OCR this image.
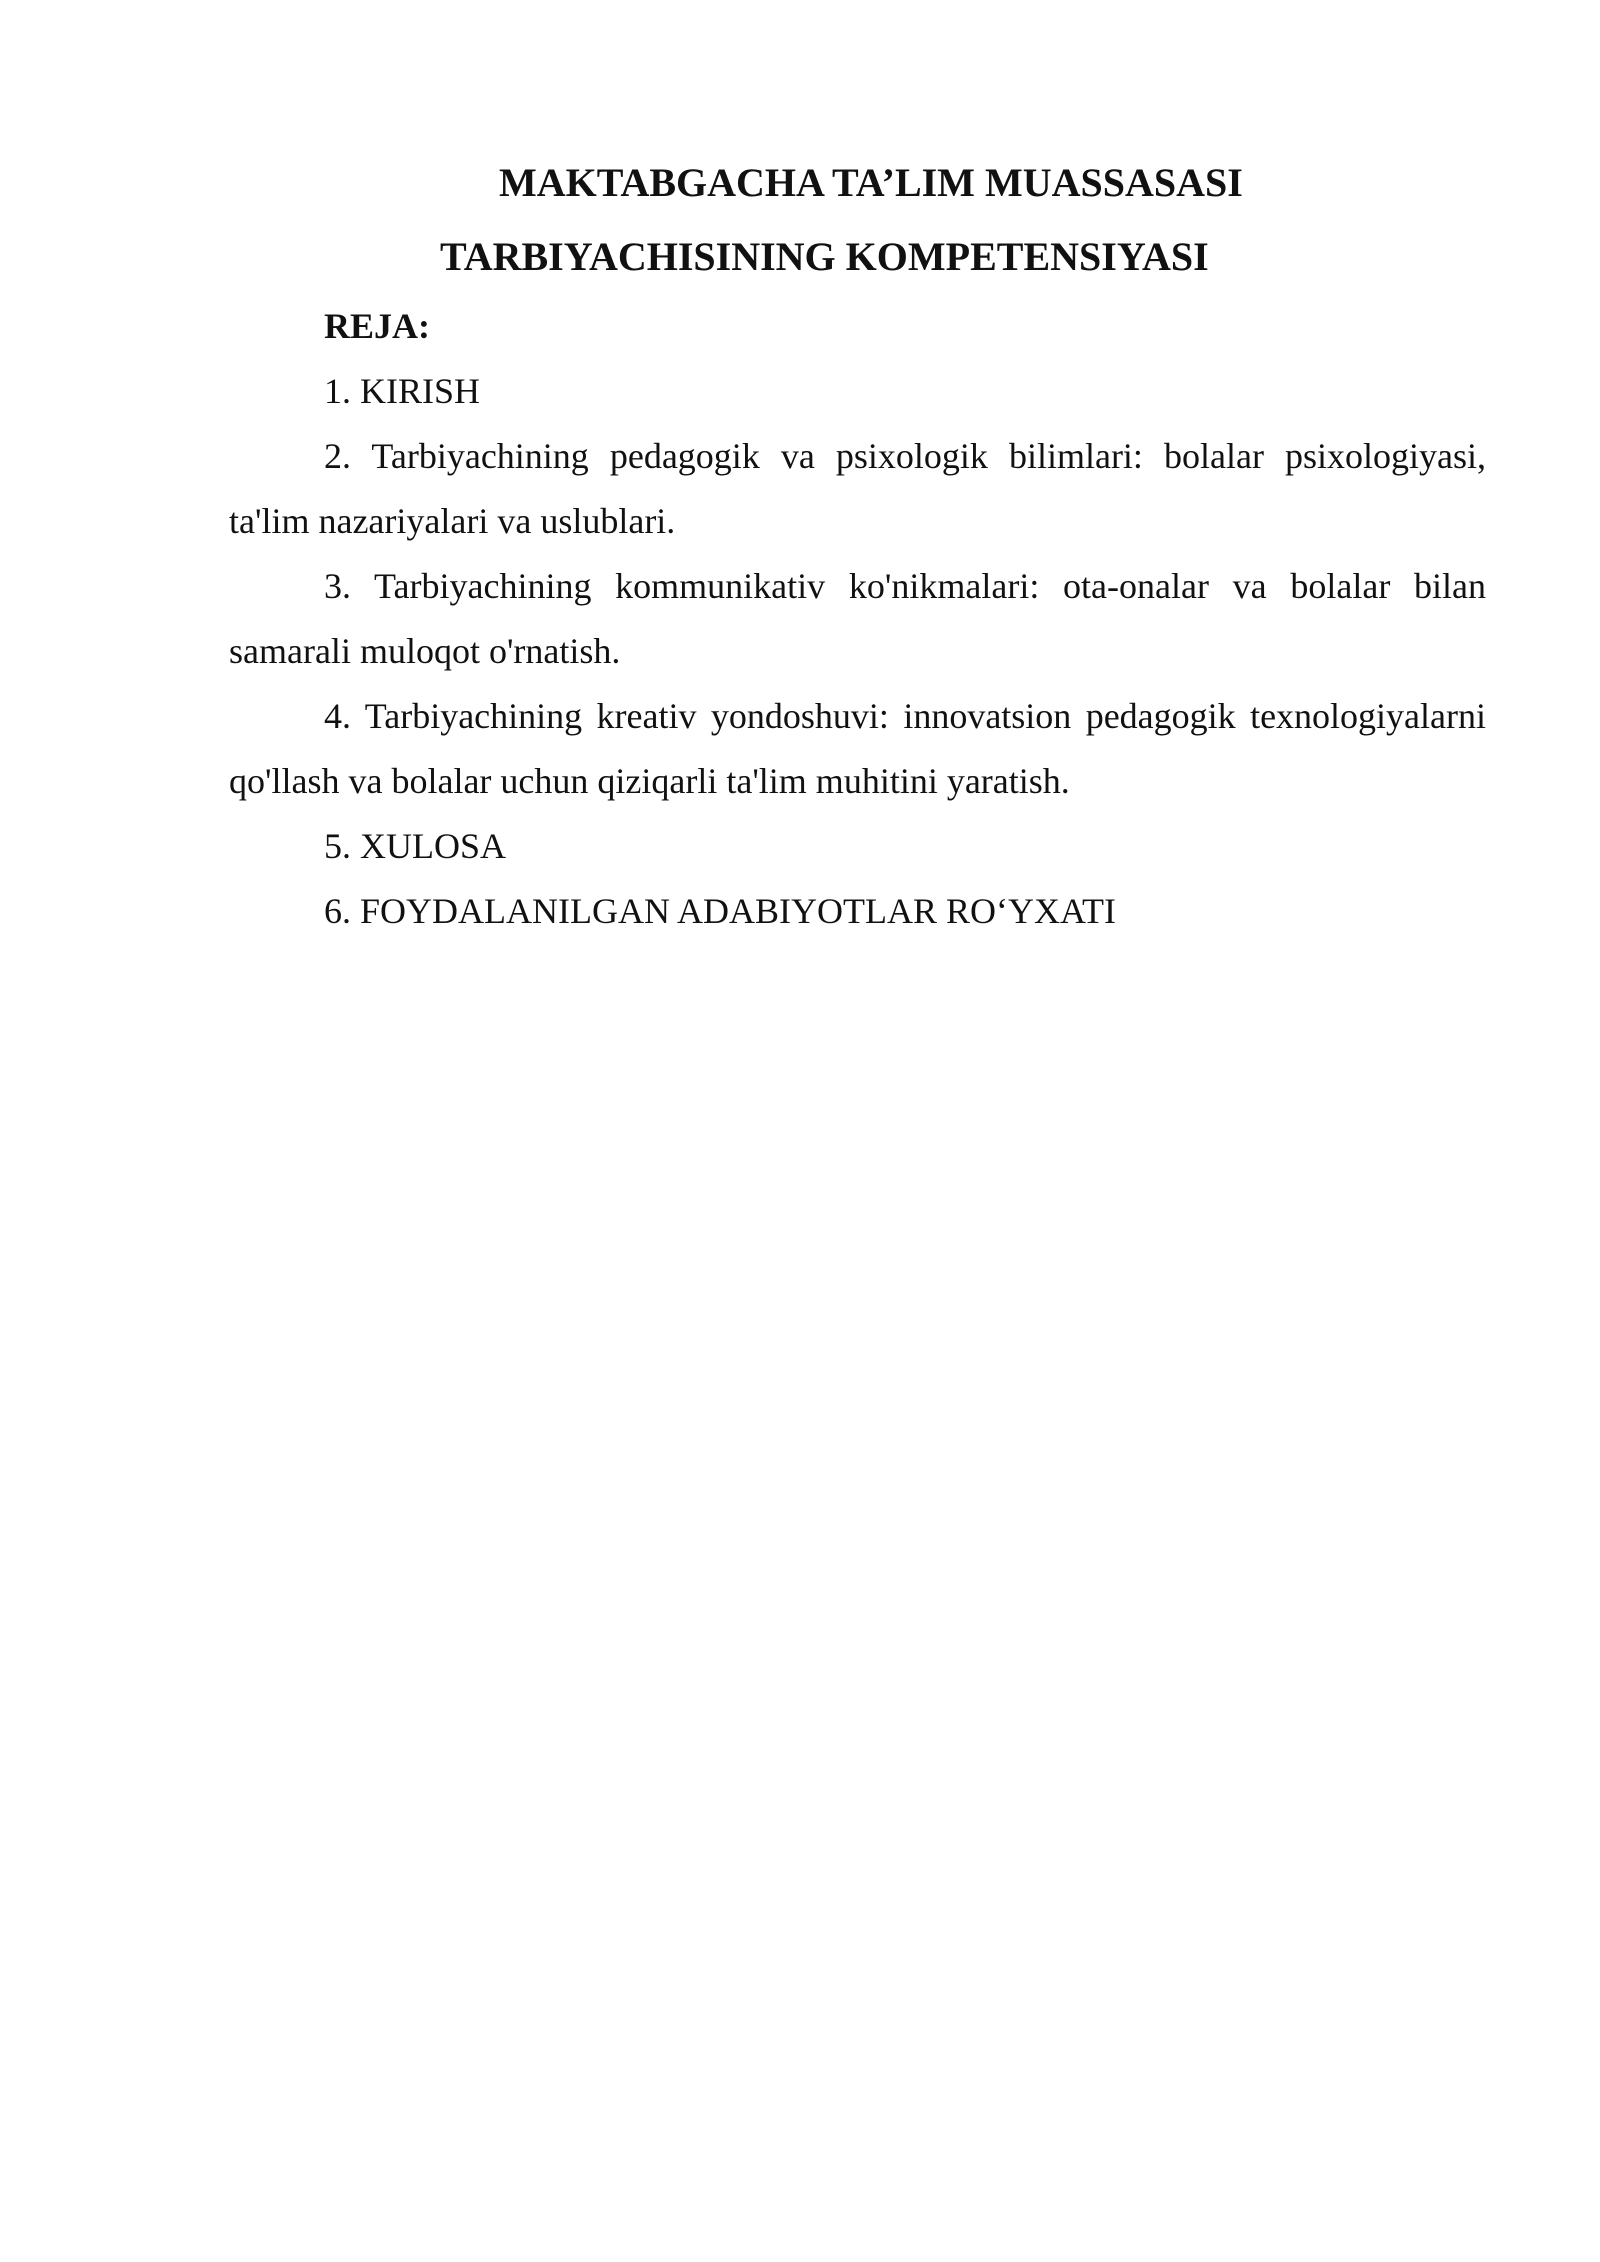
MAKTABGACHA TA’LIM MUASSASASI
TARBIYACHISINING KOMPETENSIYASI
REJA:
1. KIRISH

2. Tarbiyachining pedagogik va psixologik bilimlari: bolalar psixologiyasi, ta'lim nazariyalari va uslublari.

3. Tarbiyachining kommunikativ ko'nikmalari: ota-onalar va bolalar bilan samarali muloqot o'rnatish.

4. Tarbiyachining kreativ yondoshuvi: innovatsion pedagogik texnologiyalarni qo'llash va bolalar uchun qiziqarli ta'lim muhitini yaratish.

5. XULOSA
6. FOYDALANILGAN ADABIYOTLAR RO‘YXATI
